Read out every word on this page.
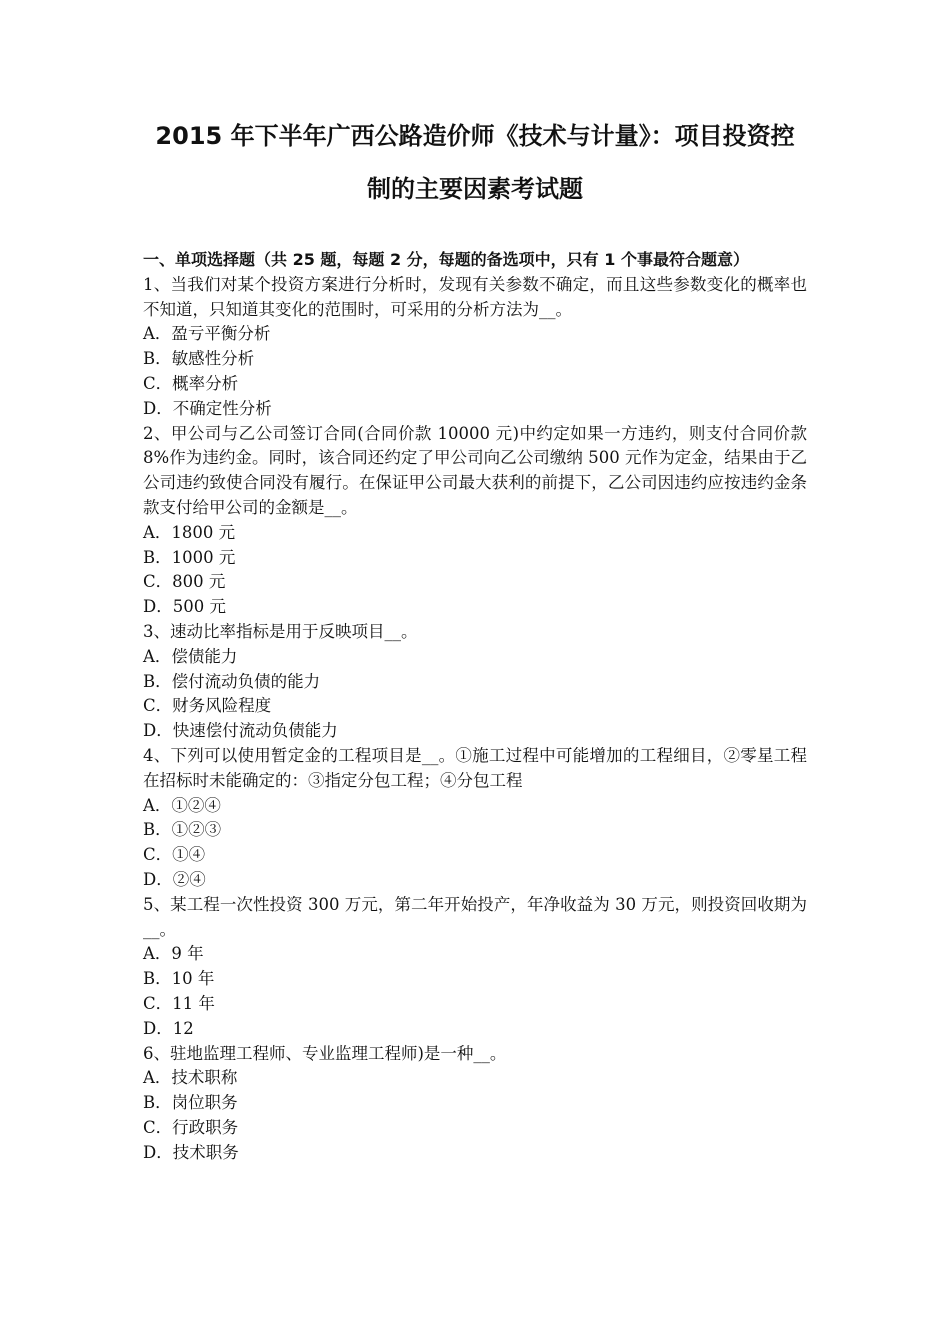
2015 年下半年广西公路造价师《技术与计量》：项目投资控
制的主要因素考试题

一、单项选择题（共 25 题，每题 2 分，每题的备选项中，只有 1 个事最符合题意）

1、当我们对某个投资方案进行分析时，发现有关参数不确定，而且这些参数变化的概率也不知道，只知道其变化的范围时，可采用的分析方法为__。

A．盈亏平衡分析

B．敏感性分析

C．概率分析

D．不确定性分析

2、甲公司与乙公司签订合同(合同价款 10000 元)中约定如果一方违约，则支付合同价款 8%作为违约金。同时，该合同还约定了甲公司向乙公司缴纳 500 元作为定金，结果由于乙公司违约致使合同没有履行。在保证甲公司最大获利的前提下，乙公司因违约应按违约金条款支付给甲公司的金额是__。

A．1800 元

B．1000 元

C．800 元

D．500 元

3、速动比率指标是用于反映项目__。

A．偿债能力

B．偿付流动负债的能力

C．财务风险程度

D．快速偿付流动负债能力

4、下列可以使用暂定金的工程项目是__。①施工过程中可能增加的工程细目，②零星工程在招标时未能确定的：③指定分包工程；④分包工程

A．①②④

B．①②③

C．①④

D．②④

5、某工程一次性投资 300 万元，第二年开始投产，年净收益为 30 万元，则投资回收期为__。

A．9 年

B．10 年

C．11 年

D．12

6、驻地监理工程师、专业监理工程师)是一种__。

A．技术职称

B．岗位职务

C．行政职务

D．技术职务
